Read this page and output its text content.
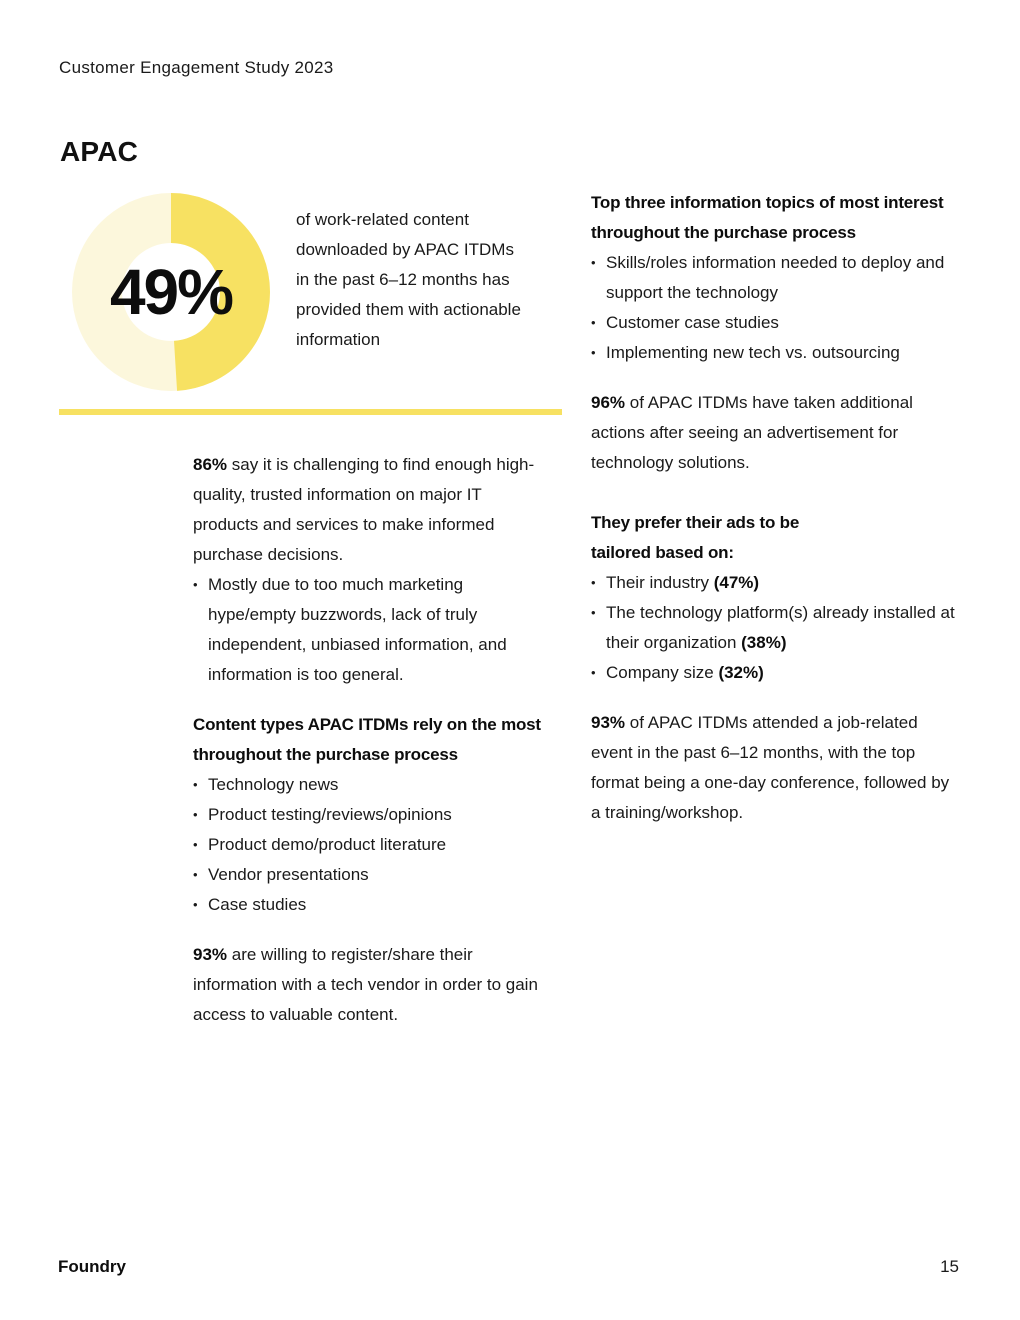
Customer Engagement Study 2023
APAC
49%
of work-related content downloaded by APAC ITDMs in the past 6–12 months has provided them with actionable information
86% say it is challenging to find enough high-quality, trusted information on major IT products and services to make informed purchase decisions.
• Mostly due to too much marketing hype/empty buzzwords, lack of truly independent, unbiased information, and information is too general.
Content types APAC ITDMs rely on the most throughout the purchase process
• Technology news
• Product testing/reviews/opinions
• Product demo/product literature
• Vendor presentations
• Case studies
93% are willing to register/share their information with a tech vendor in order to gain access to valuable content.
Top three information topics of most interest throughout the purchase process
• Skills/roles information needed to deploy and support the technology
• Customer case studies
• Implementing new tech vs. outsourcing
96% of APAC ITDMs have taken additional actions after seeing an advertisement for technology solutions.
They prefer their ads to be tailored based on:
• Their industry (47%)
• The technology platform(s) already installed at their organization (38%)
• Company size (32%)
93% of APAC ITDMs attended a job-related event in the past 6–12 months, with the top format being a one-day conference, followed by a training/workshop.
Foundry	15
